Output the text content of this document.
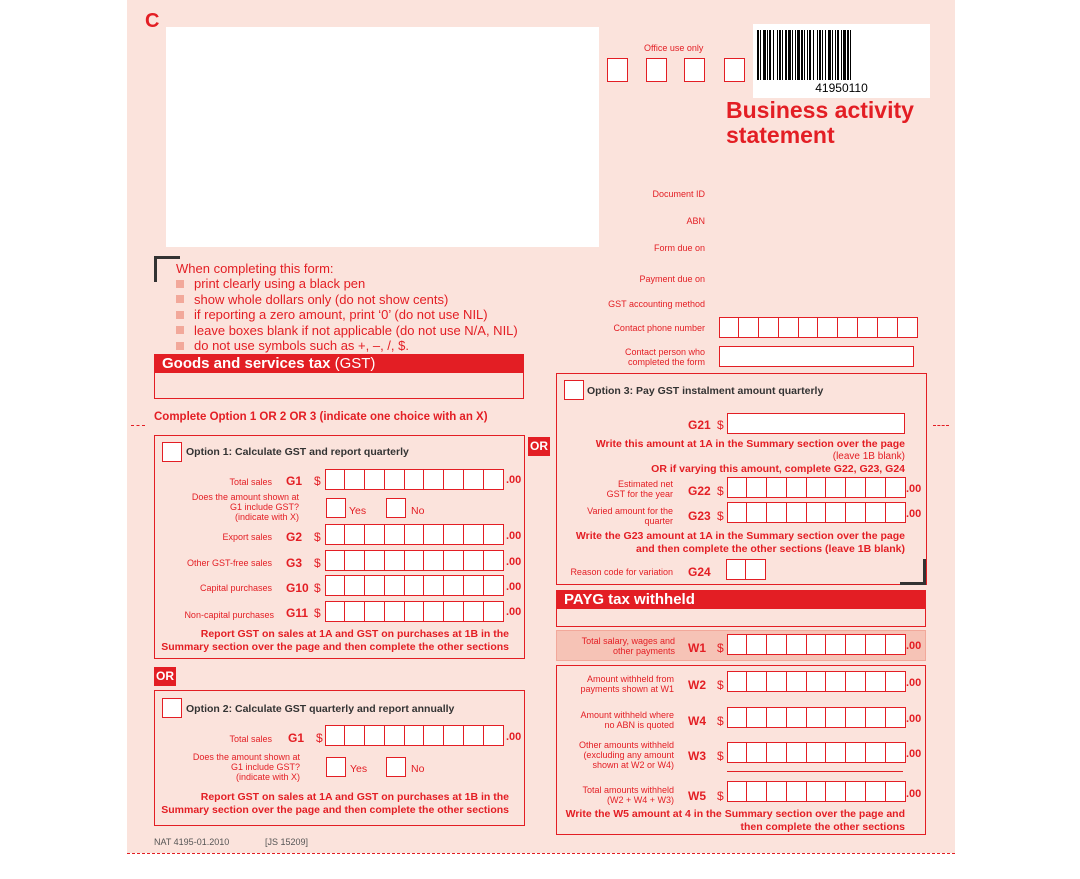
C
Office use only
41950110
Business activity
statement
Document ID
ABN
Form due on
Payment due on
GST accounting method
Contact phone number
Contact person who
completed the form
When completing this form:
print clearly using a black pen
show whole dollars only (do not show cents)
if reporting a zero amount, print ‘0’ (do not use NIL)
leave boxes blank if not applicable (do not use N/A, NIL)
do not use symbols such as +, –, /, $.
Goods and services tax (GST)
Complete Option 1 OR 2 OR 3 (indicate one choice with an X)
Option 1: Calculate GST and report quarterly
Total sales G1 $	.00
Does the amount shown at
G1 include GST?
(indicate with X)	Yes	No
Export sales G2 $	.00
Other GST-free sales G3 $	.00
Capital purchases G10 $	.00
Non-capital purchases G11 $	.00
Report GST on sales at 1A and GST on purchases at 1B in the
Summary section over the page and then complete the other sections
OR
OR
Option 2: Calculate GST quarterly and report annually
Total sales G1 $	.00
Does the amount shown at
G1 include GST?
(indicate with X)
Yes	No
Report GST on sales at 1A and GST on purchases at 1B in the
Summary section over the page and then complete the other sections
Option 3: Pay GST instalment amount quarterly
G21 $
Write this amount at 1A in the Summary section over the page
(leave 1B blank)
OR if varying this amount, complete G22, G23, G24
Estimated net
GST for the year G22 $	.00
Varied amount for the
quarter G23 $	.00
Write the G23 amount at 1A in the Summary section over the page
and then complete the other sections (leave 1B blank)
Reason code for variation G24
PAYG tax withheld
Total salary, wages and
other payments W1 $	.00
Amount withheld from
payments shown at W1 W2 $	.00
Amount withheld where
no ABN is quoted W4 $	.00
Other amounts withheld
(excluding any amount
shown at W2 or W4)
W3 $	.00
Total amounts withheld
(W2 + W4 + W3) W5 $	.00
Write the W5 amount at 4 in the Summary section over the page and
then complete the other sections
NAT 4195-01.2010	[JS 15209]
